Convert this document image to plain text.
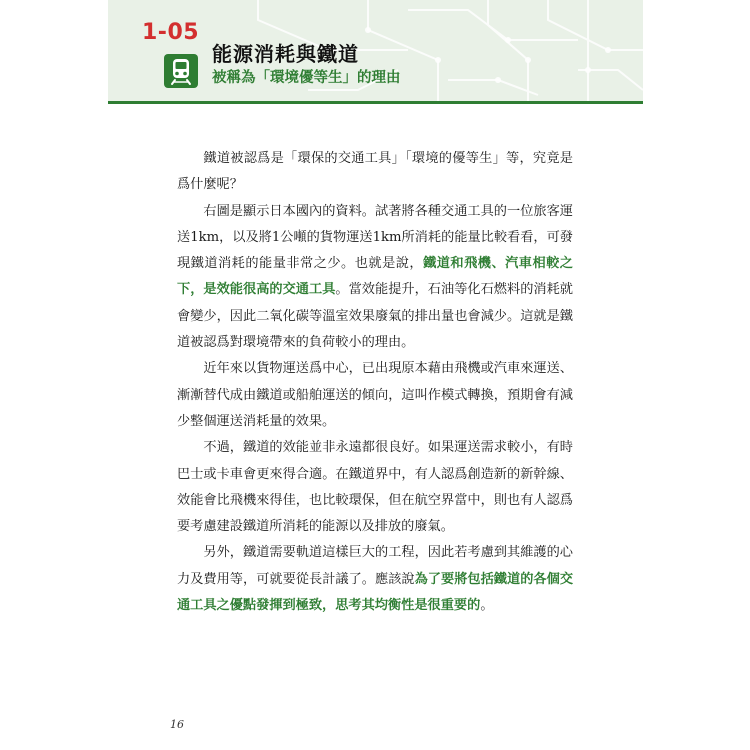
1-05
能源消耗與鐵道
被稱為「環境優等生」的理由

鐵道被認爲是「環保的交通工具」「環境的優等生」等，究竟是爲什麼呢？

右圖是顯示日本國內的資料。試著將各種交通工具的一位旅客運送1km，以及將1公噸的貨物運送1km所消耗的能量比較看看，可發現鐵道消耗的能量非常之少。也就是說，鐵道和飛機、汽車相較之下，是效能很高的交通工具。當效能提升，石油等化石燃料的消耗就會變少，因此二氧化碳等溫室效果廢氣的排出量也會減少。這就是鐵道被認爲對環境帶來的負荷較小的理由。

近年來以貨物運送爲中心，已出現原本藉由飛機或汽車來運送、漸漸替代成由鐵道或船舶運送的傾向，這叫作模式轉換，預期會有減少整個運送消耗量的效果。

不過，鐵道的效能並非永遠都很良好。如果運送需求較小，有時巴士或卡車會更來得合適。在鐵道界中，有人認爲創造新的新幹線、效能會比飛機來得佳，也比較環保，但在航空界當中，則也有人認爲要考慮建設鐵道所消耗的能源以及排放的廢氣。

另外，鐵道需要軌道這樣巨大的工程，因此若考慮到其維護的心力及費用等，可就要從長計議了。應該說為了要將包括鐵道的各個交通工具之優點發揮到極致，思考其均衡性是很重要的。

16
